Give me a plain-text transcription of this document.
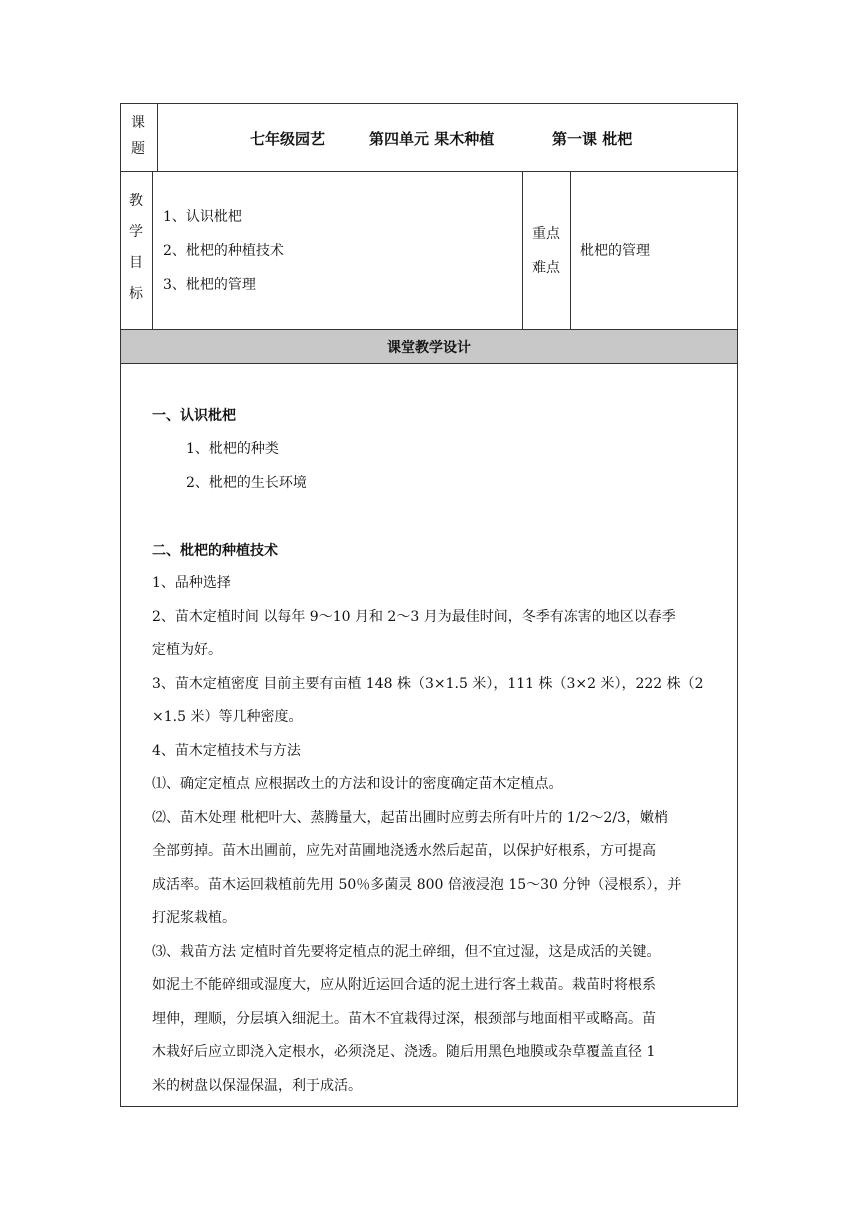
课
题
七年级园艺	第四单元 果木种植	第一课 枇杷
教
学
目
标
1、认识枇杷
2、枇杷的种植技术
3、枇杷的管理
重点
难点
枇杷的管理
课堂教学设计
一、认识枇杷
1、枇杷的种类
2、枇杷的生长环境
二、枇杷的种植技术
1、品种选择
2、苗木定植时间 以每年 9～10 月和 2～3 月为最佳时间，冬季有冻害的地区以春季
定植为好。
3、苗木定植密度 目前主要有亩植 148 株（3×1.5 米），111 株（3×2 米），222 株（2
×1.5 米）等几种密度。
4、苗木定植技术与方法
⑴、确定定植点 应根据改土的方法和设计的密度确定苗木定植点。
⑵、苗木处理 枇杷叶大、蒸腾量大，起苗出圃时应剪去所有叶片的 1/2～2/3，嫩梢
全部剪掉。苗木出圃前，应先对苗圃地浇透水然后起苗，以保护好根系，方可提高
成活率。苗木运回栽植前先用 50％多菌灵 800 倍液浸泡 15～30 分钟（浸根系），并
打泥浆栽植。
⑶、栽苗方法 定植时首先要将定植点的泥土碎细，但不宜过湿，这是成活的关键。
如泥土不能碎细或湿度大，应从附近运回合适的泥土进行客土栽苗。栽苗时将根系
埋伸，理顺，分层填入细泥土。苗木不宜栽得过深，根颈部与地面相平或略高。苗
木栽好后应立即浇入定根水，必须浇足、浇透。随后用黑色地膜或杂草覆盖直径 1
米的树盘以保湿保温，利于成活。
